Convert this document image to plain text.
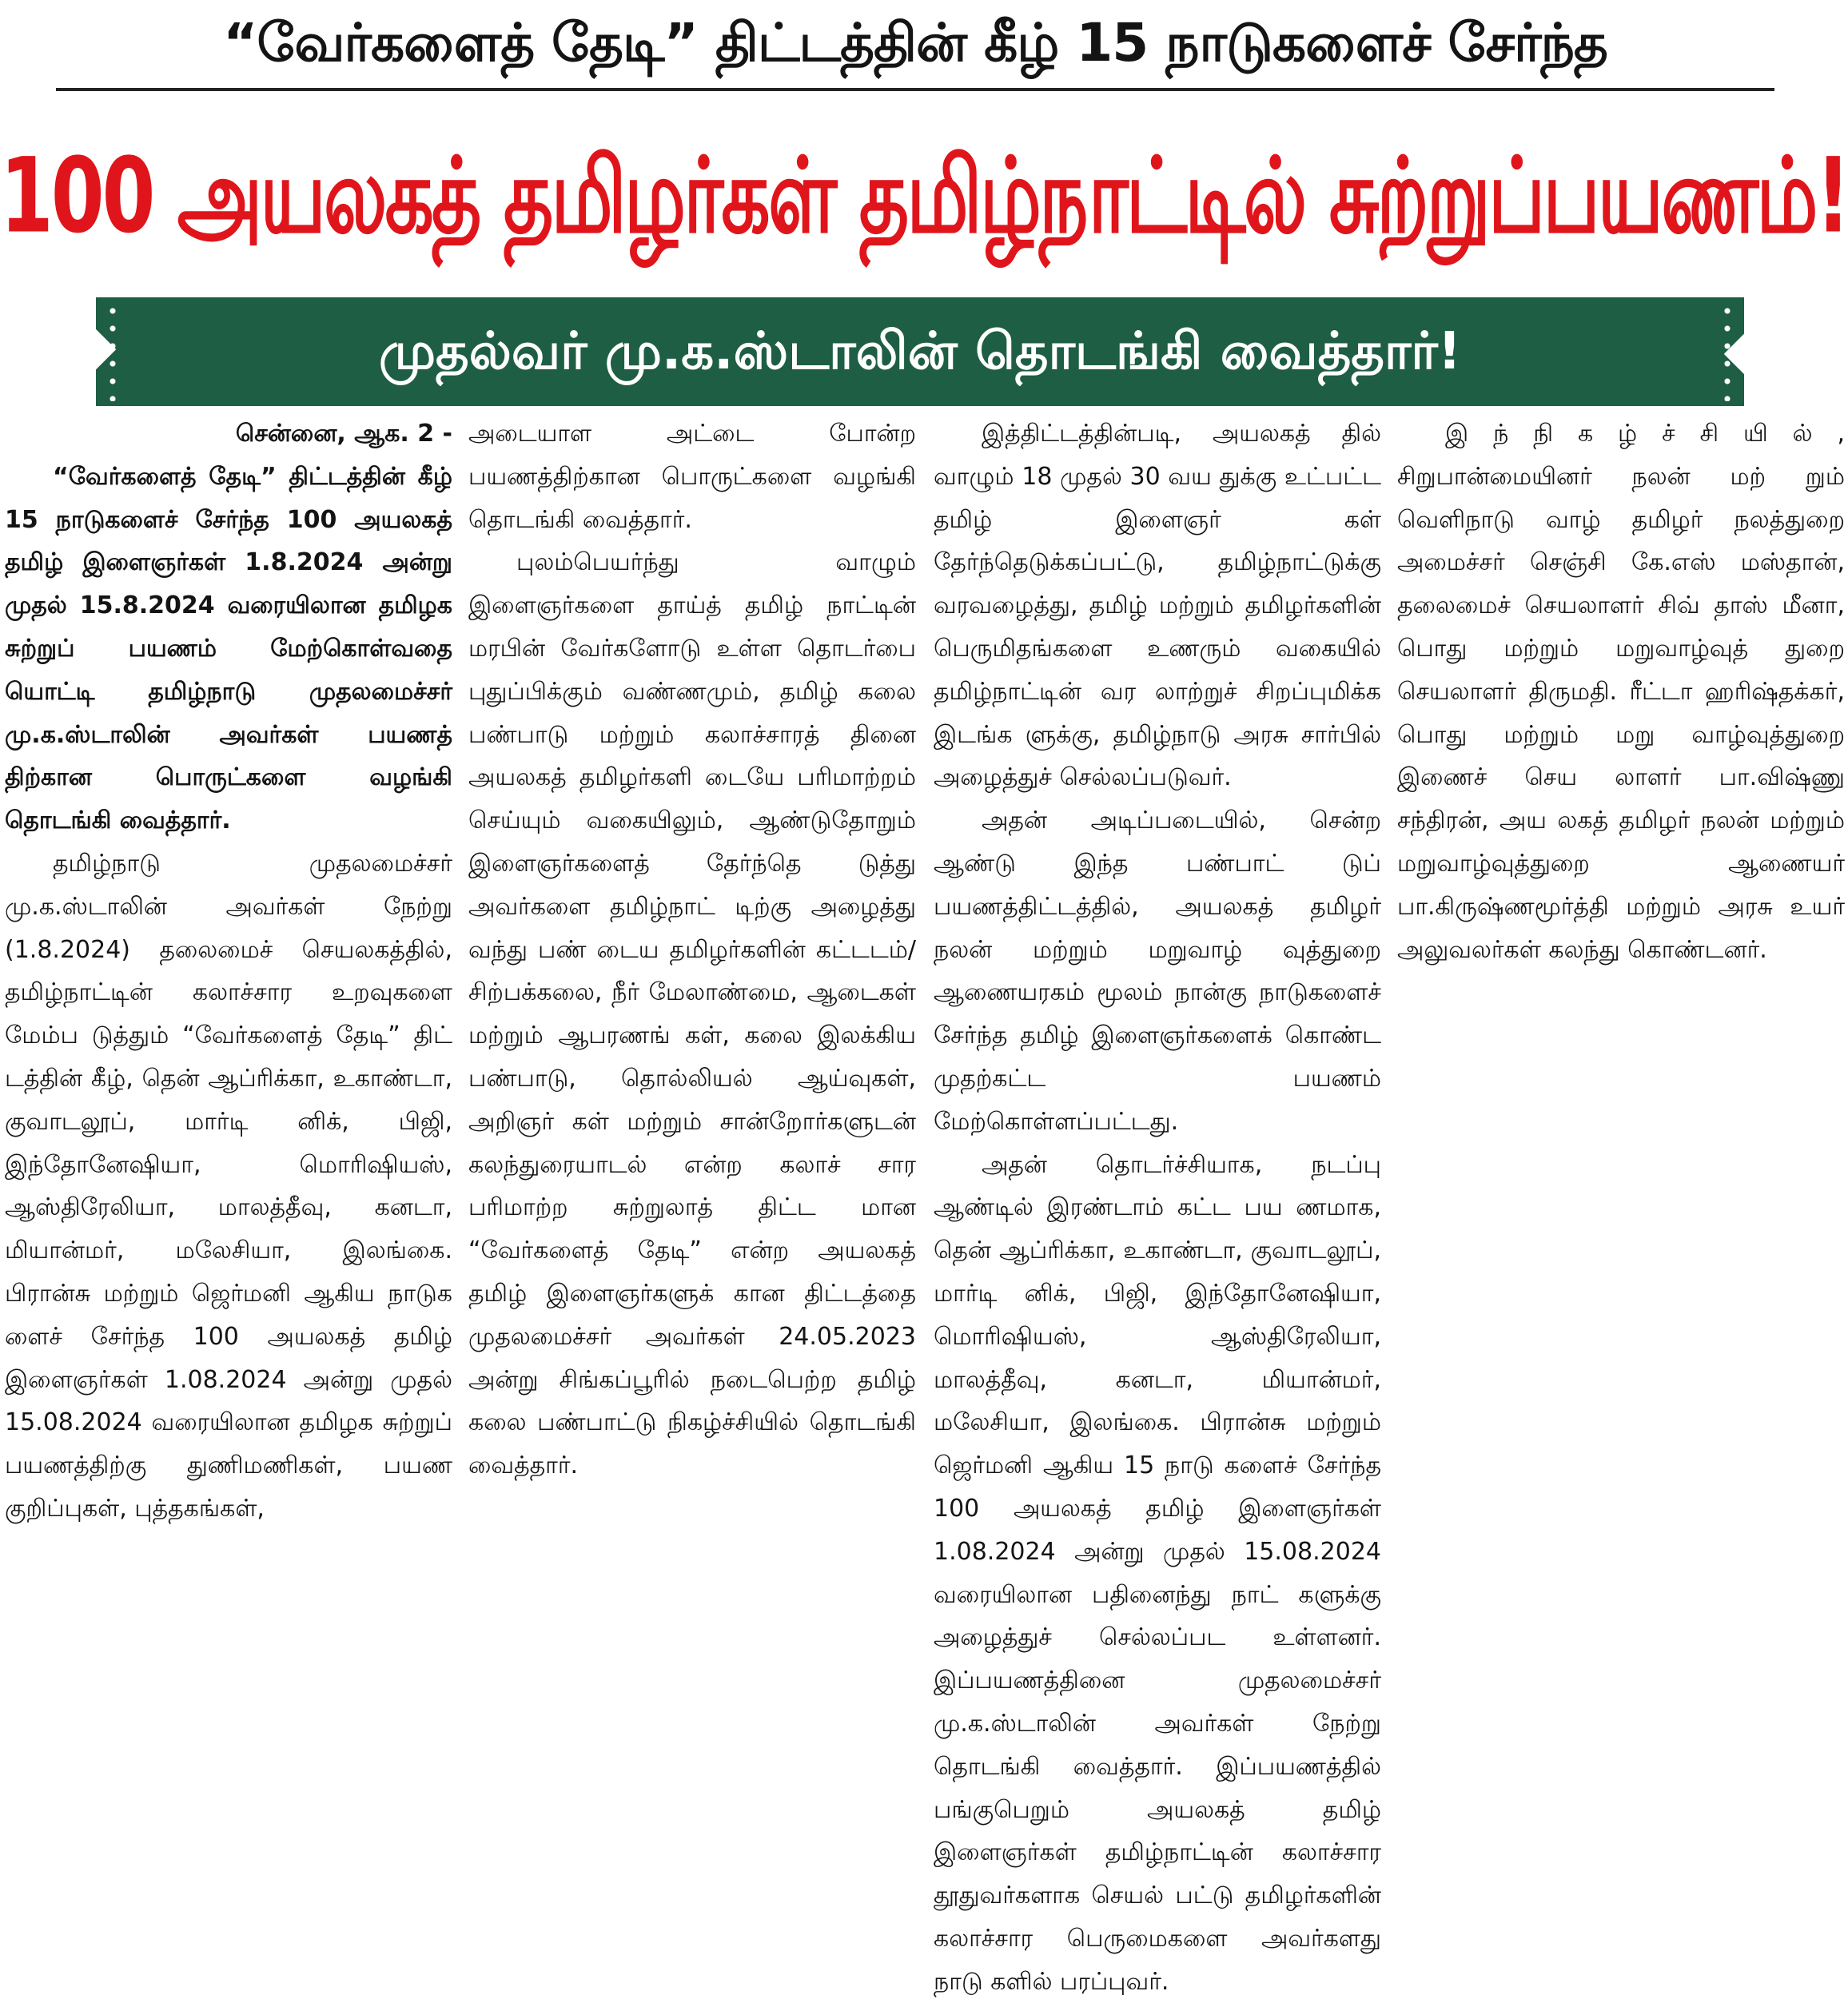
“வேர்களைத் தேடி” திட்டத்தின் கீழ் 15 நாடுகளைச் சேர்ந்த
100 அயலகத் தமிழர்கள் தமிழ்நாட்டில் சுற்றுப்பயணம்!
முதல்வர் மு.க.ஸ்டாலின் தொடங்கி வைத்தார்!

சென்னை, ஆக. 2 -

“வேர்களைத் தேடி” திட்டத்தின் கீழ் 15 நாடுகளைச் சேர்ந்த 100 அயலகத் தமிழ் இளைஞர்கள் 1.8.2024 அன்று முதல் 15.8.2024 வரையிலான தமிழக சுற்றுப் பயணம் மேற்கொள்வதை யொட்டி தமிழ்நாடு முதலமைச்சர் மு.க.ஸ்டாலின் அவர்கள் பயணத் திற்கான பொருட்களை வழங்கி தொடங்கி வைத்தார்.

தமிழ்நாடு முதலமைச்சர் மு.க.ஸ்டாலின் அவர்கள் நேற்று (1.8.2024) தலைமைச் செயலகத்தில், தமிழ்நாட்டின் கலாச்சார உறவுகளை மேம்ப டுத்தும் “வேர்களைத் தேடி” திட் டத்தின் கீழ், தென் ஆப்ரிக்கா, உகாண்டா, குவாடலூப், மார்டி னிக், பிஜி, இந்தோனேஷியா, மொரிஷியஸ், ஆஸ்திரேலியா, மாலத்தீவு, கனடா, மியான்மர், மலேசியா, இலங்கை. பிரான்சு மற்றும் ஜெர்மனி ஆகிய நாடுக ளைச் சேர்ந்த 100 அயலகத் தமிழ் இளைஞர்கள் 1.08.2024 அன்று முதல் 15.08.2024 வரையிலான தமிழக சுற்றுப் பயணத்திற்கு துணிமணிகள், பயண குறிப்புகள், புத்தகங்கள்,

அடையாள அட்டை போன்ற பயணத்திற்கான பொருட்களை வழங்கி தொடங்கி வைத்தார்.

புலம்பெயர்ந்து வாழும் இளைஞர்களை தாய்த் தமிழ் நாட்டின் மரபின் வேர்களோடு உள்ள தொடர்பை புதுப்பிக்கும் வண்ணமும், தமிழ் கலை பண்பாடு மற்றும் கலாச்சாரத் தினை அயலகத் தமிழர்களி டையே பரிமாற்றம் செய்யும் வகையிலும், ஆண்டுதோறும் இளைஞர்களைத் தேர்ந்தெ டுத்து அவர்களை தமிழ்நாட் டிற்கு அழைத்து வந்து பண் டைய தமிழர்களின் கட்டடம்/ சிற்பக்கலை, நீர் மேலாண்மை, ஆடைகள் மற்றும் ஆபரணங் கள், கலை இலக்கிய பண்பாடு, தொல்லியல் ஆய்வுகள், அறிஞர் கள் மற்றும் சான்றோர்களுடன் கலந்துரையாடல் என்ற கலாச் சார பரிமாற்ற சுற்றுலாத் திட்ட மான “வேர்களைத் தேடி” என்ற அயலகத் தமிழ் இளைஞர்களுக் கான திட்டத்தை முதலமைச்சர் அவர்கள் 24.05.2023 அன்று சிங்கப்பூரில் நடைபெற்ற தமிழ் கலை பண்பாட்டு நிகழ்ச்சியில் தொடங்கி வைத்தார்.

இத்திட்டத்தின்படி, அயலகத் தில் வாழும் 18 முதல் 30 வய துக்கு உட்பட்ட தமிழ் இளைஞர் கள் தேர்ந்தெடுக்கப்பட்டு, தமிழ்நாட்டுக்கு வரவழைத்து, தமிழ் மற்றும் தமிழர்களின் பெருமிதங்களை உணரும் வகையில் தமிழ்நாட்டின் வர லாற்றுச் சிறப்புமிக்க இடங்க ளுக்கு, தமிழ்நாடு அரசு சார்பில் அழைத்துச் செல்லப்படுவர்.

அதன் அடிப்படையில், சென்ற ஆண்டு இந்த பண்பாட் டுப் பயணத்திட்டத்தில், அயலகத் தமிழர் நலன் மற்றும் மறுவாழ் வுத்துறை ஆணையரகம் மூலம் நான்கு நாடுகளைச் சேர்ந்த தமிழ் இளைஞர்களைக் கொண்ட முதற்கட்ட பயணம் மேற்கொள்ளப்பட்டது.

அதன் தொடர்ச்சியாக, நடப்பு ஆண்டில் இரண்டாம் கட்ட பய ணமாக, தென் ஆப்ரிக்கா, உகாண்டா, குவாடலூப், மார்டி னிக், பிஜி, இந்தோனேஷியா, மொரிஷியஸ், ஆஸ்திரேலியா, மாலத்தீவு, கனடா, மியான்மர், மலேசியா, இலங்கை. பிரான்சு மற்றும் ஜெர்மனி ஆகிய 15 நாடு களைச் சேர்ந்த 100 அயலகத் தமிழ் இளைஞர்கள் 1.08.2024 அன்று முதல் 15.08.2024 வரையிலான பதினைந்து நாட் களுக்கு அழைத்துச் செல்லப்பட உள்ளனர். இப்பயணத்தினை முதலமைச்சர் மு.க.ஸ்டாலின் அவர்கள் நேற்று தொடங்கி வைத்தார். இப்பயணத்தில் பங்குபெறும் அயலகத் தமிழ் இளைஞர்கள் தமிழ்நாட்டின் கலாச்சார தூதுவர்களாக செயல் பட்டு தமிழர்களின் கலாச்சார பெருமைகளை அவர்களது நாடு களில் பரப்புவர்.

இ ந் நி க ழ் ச் சி யி ல் , சிறுபான்மையினர் நலன் மற் றும் வெளிநாடு வாழ் தமிழர் நலத்துறை அமைச்சர் செஞ்சி கே.எஸ் மஸ்தான், தலைமைச் செயலாளர் சிவ் தாஸ் மீனா, பொது மற்றும் மறுவாழ்வுத் துறை செயலாளர் திருமதி. ரீட்டா ஹரிஷ்தக்கர், பொது மற்றும் மறு வாழ்வுத்துறை இணைச் செய லாளர் பா.விஷ்ணு சந்திரன், அய லகத் தமிழர் நலன் மற்றும் மறுவாழ்வுத்துறை ஆணையர் பா.கிருஷ்ணமூர்த்தி மற்றும் அரசு உயர் அலுவலர்கள் கலந்து கொண்டனர்.
